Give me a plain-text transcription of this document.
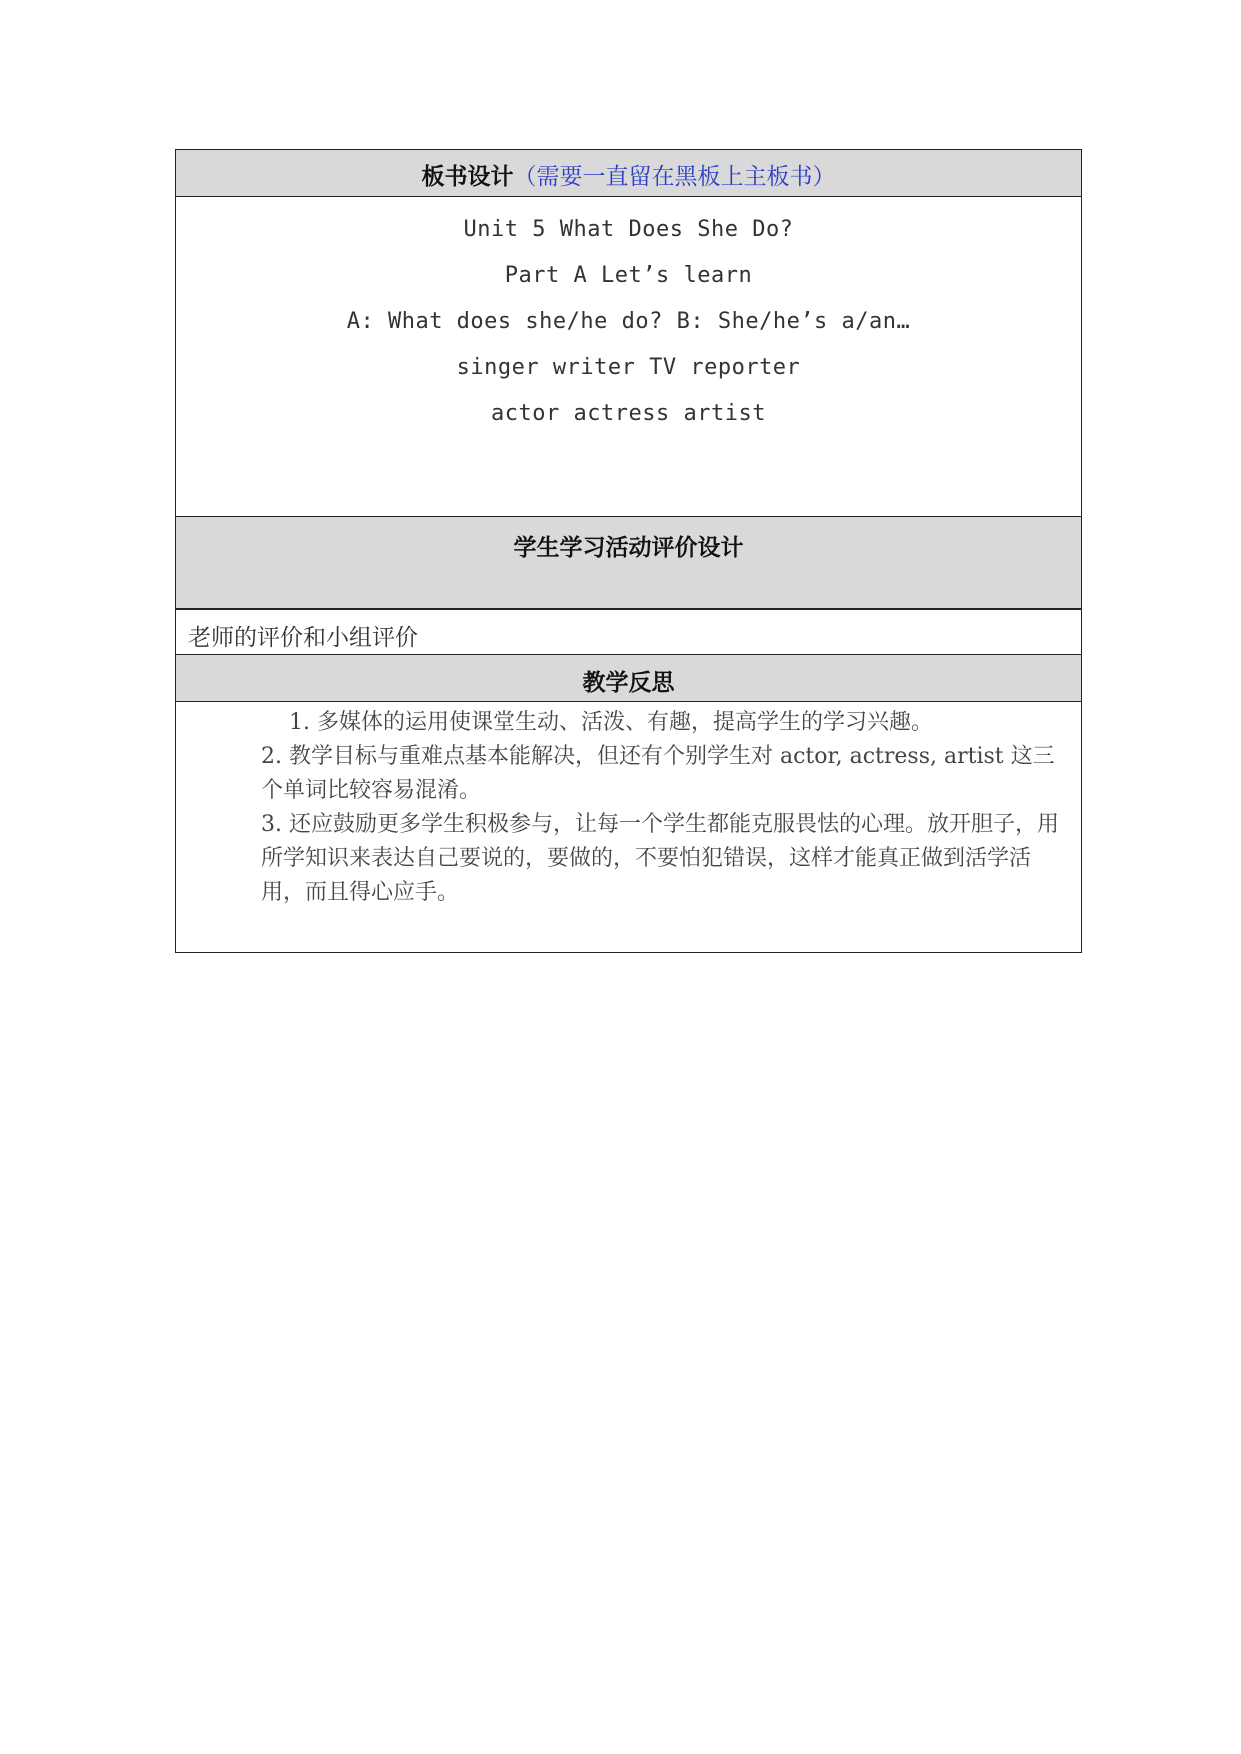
板书设计（需要一直留在黑板上主板书）
Unit 5 What Does She Do?
Part A Let’s learn
A: What does she/he do? B: She/he’s a/an…
singer writer TV reporter
actor actress artist
学生学习活动评价设计
老师的评价和小组评价
教学反思

1. 多媒体的运用使课堂生动、活泼、有趣，提高学生的学习兴趣。

2. 教学目标与重难点基本能解决，但还有个别学生对 actor, actress, artist 这三个单词比较容易混淆。

3. 还应鼓励更多学生积极参与，让每一个学生都能克服畏怯的心理。放开胆子，用所学知识来表达自己要说的，要做的，不要怕犯错误，这样才能真正做到活学活用，而且得心应手。
